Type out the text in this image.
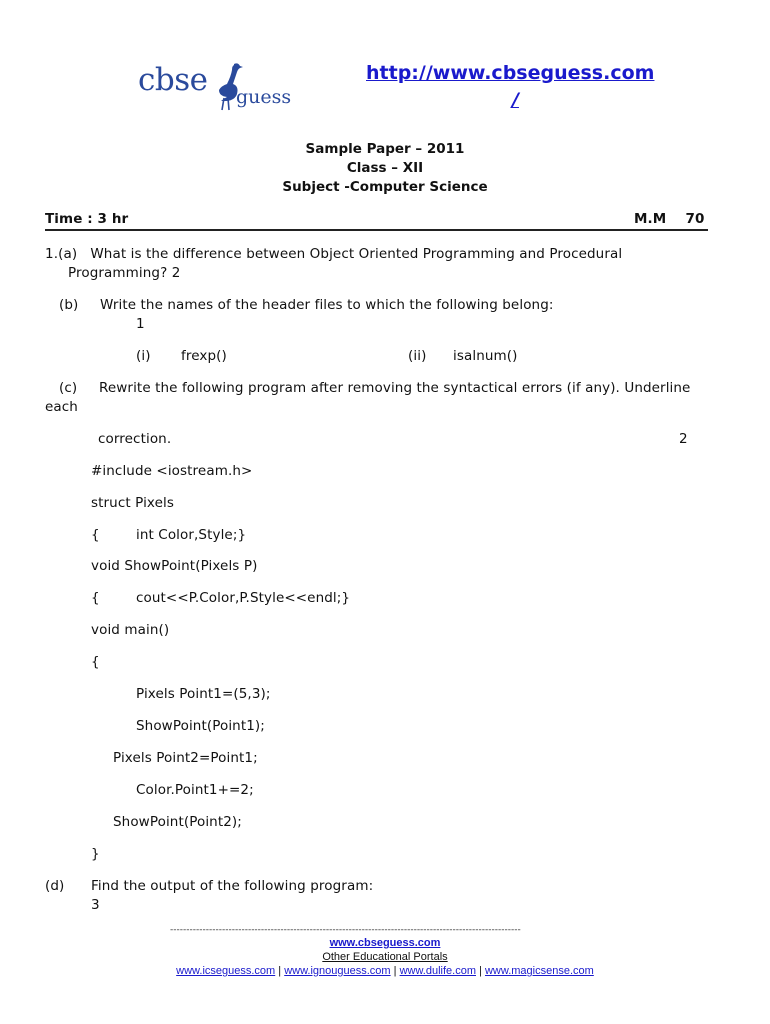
cbse guess
http://www.cbseguess.com
/
Sample Paper – 2011
Class – XII
Subject -Computer Science
Time : 3 hr	M.M    70
1.(a)   What is the difference between Object Oriented Programming and Procedural
Programming? 2
(b) Write the names of the header files to which the following belong:
1
(i) frexp()	(ii) isalnum()
(c) Rewrite the following program after removing the syntactical errors (if any). Underline
each
correction.	2
#include <iostream.h>
struct Pixels
{	int Color,Style;}
void ShowPoint(Pixels P)
{	cout<<P.Color,P.Style<<endl;}
void main()
{
Pixels Point1=(5,3);
ShowPoint(Point1);
Pixels Point2=Point1;
Color.Point1+=2;
ShowPoint(Point2);
}
(d) Find the output of the following program:
3
------------------------------------------------------------------------------------------------------------
www.cbseguess.com
Other Educational Portals
www.icseguess.com | www.ignouguess.com | www.dulife.com | www.magicsense.com
